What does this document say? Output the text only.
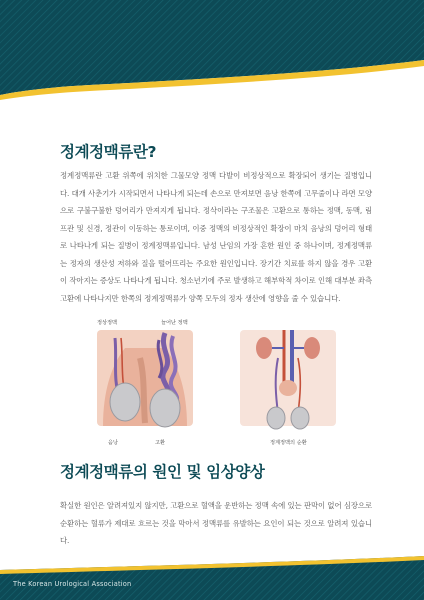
정계정맥류란?

정계정맥류란 고환 위쪽에 위치한 그물모양 정맥 다발이 비정상적으로 확장되어 생기는 질병입니다. 대개 사춘기가 시작되면서 나타나게 되는데 손으로 만져보면 음낭 한쪽에 고무줄이나 라면 모양으로 구불구불한 덩어리가 만져지게 됩니다. 정삭이라는 구조물은 고환으로 통하는 정맥, 동맥, 림프관 및 신경, 정관이 이동하는 통로이며, 이중 정맥의 비정상적인 확장이 마치 음낭의 덩어리 형태로 나타나게 되는 질병이 정계정맥류입니다. 남성 난임의 가장 흔한 원인 중 하나이며, 정계정맥류는 정자의 생산성 저하와 질을 떨어뜨리는 주요한 원인입니다. 장기간 치료를 하지 않을 경우 고환이 작아지는 증상도 나타나게 됩니다. 청소년기에 주로 발생하고 해부학적 차이로 인해 대부분 좌측 고환에 나타나지만 한쪽의 정계정맥류가 양쪽 모두의 정자 생산에 영향을 줄 수 있습니다.

정상정맥	늘어난 정맥
음낭	고환	정계정맥의 순환
정계정맥류의 원인 및 임상양상

확실한 원인은 알려져있지 않지만, 고환으로 혈액을 운반하는 정맥 속에 있는 판막이 없어 심장으로 순환하는 혈류가 제대로 흐르는 것을 막아서 정맥류를 유발하는 요인이 되는 것으로 알려져 있습니다.

The Korean Urological Association
